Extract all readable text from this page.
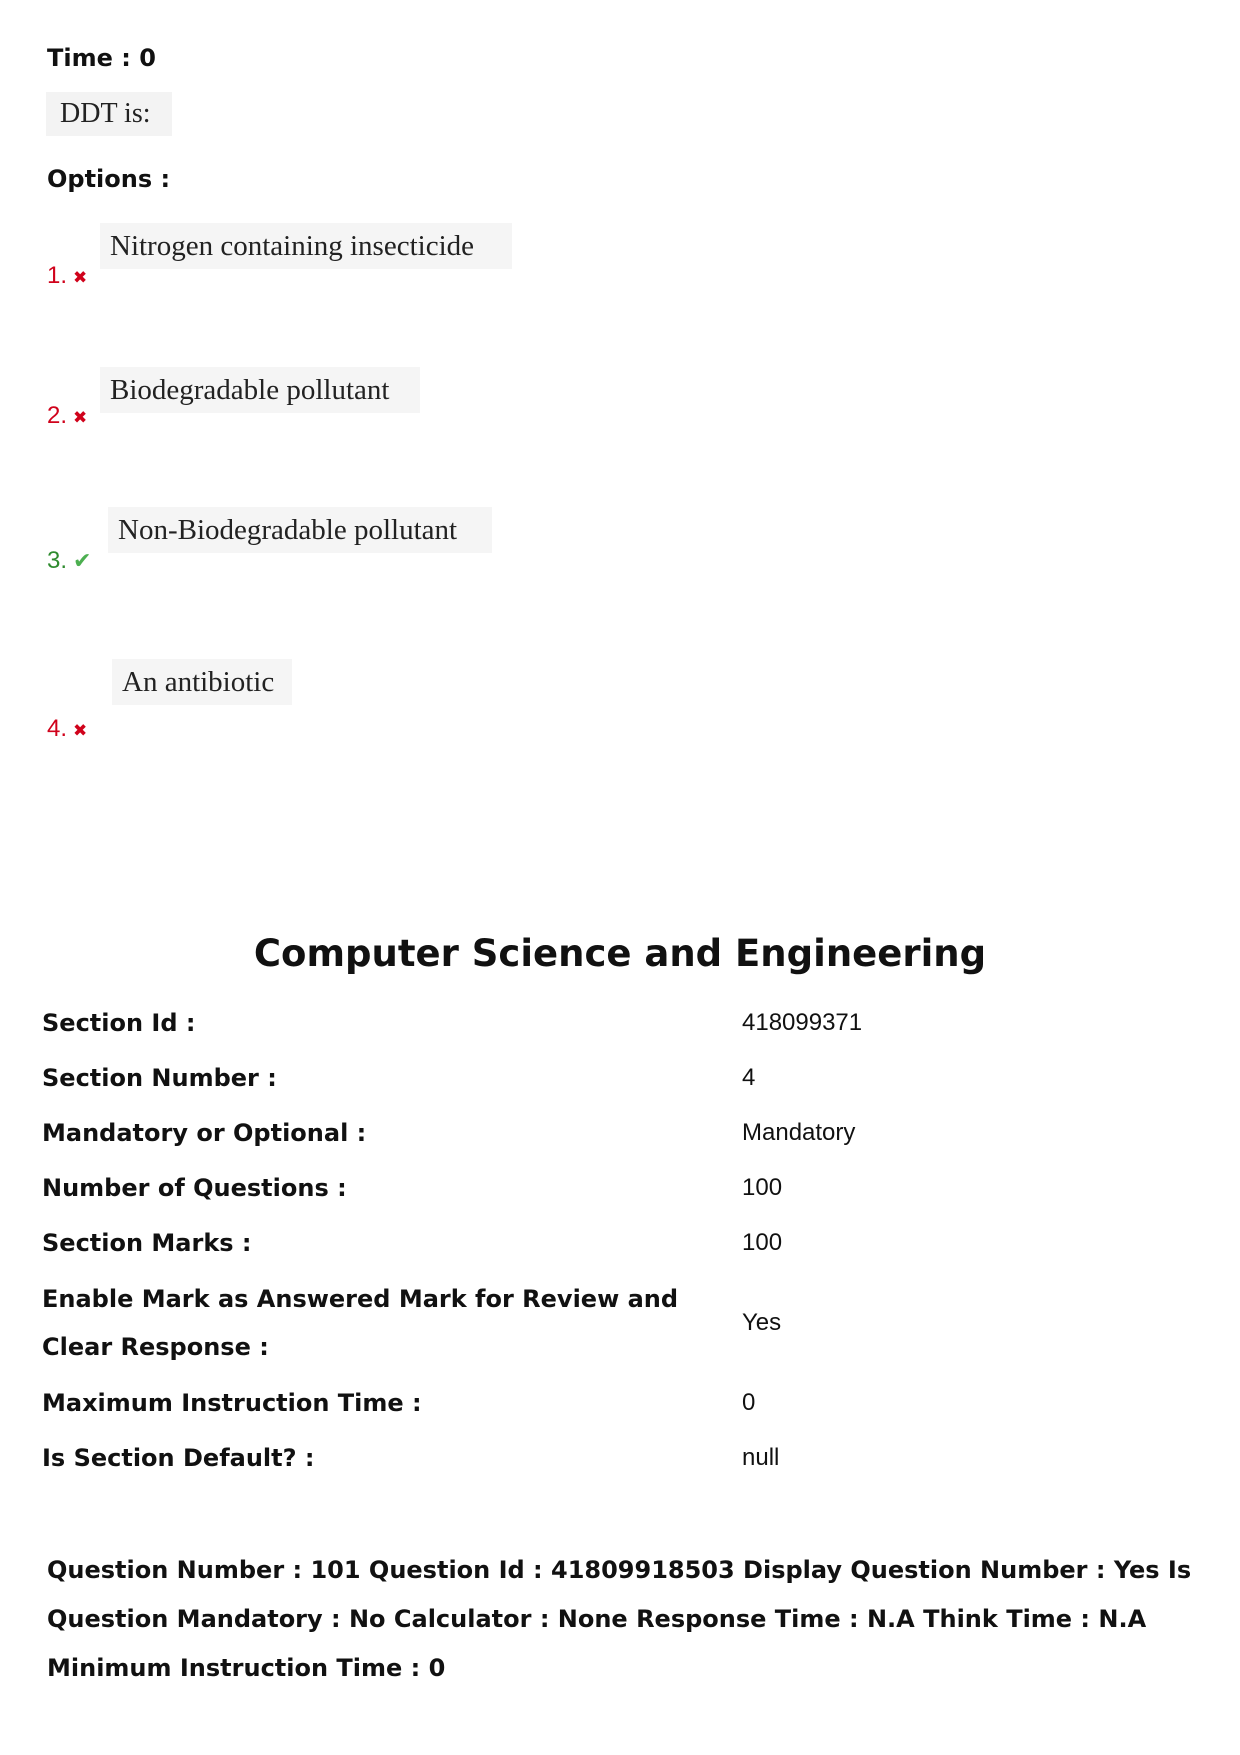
Time : 0
DDT is:
Options :
1. ✖
Nitrogen containing insecticide
2. ✖
Biodegradable pollutant
3. ✔
Non-Biodegradable pollutant
4. ✖
An antibiotic
Computer Science and Engineering
Section Id :	418099371
Section Number :	4
Mandatory or Optional :	Mandatory
Number of Questions :	100
Section Marks :	100
Enable Mark as Answered Mark for Review and Clear Response :	Yes
Maximum Instruction Time :	0
Is Section Default? :	null
Question Number : 101 Question Id : 41809918503 Display Question Number : Yes Is Question Mandatory : No Calculator : None Response Time : N.A Think Time : N.A Minimum Instruction Time : 0
